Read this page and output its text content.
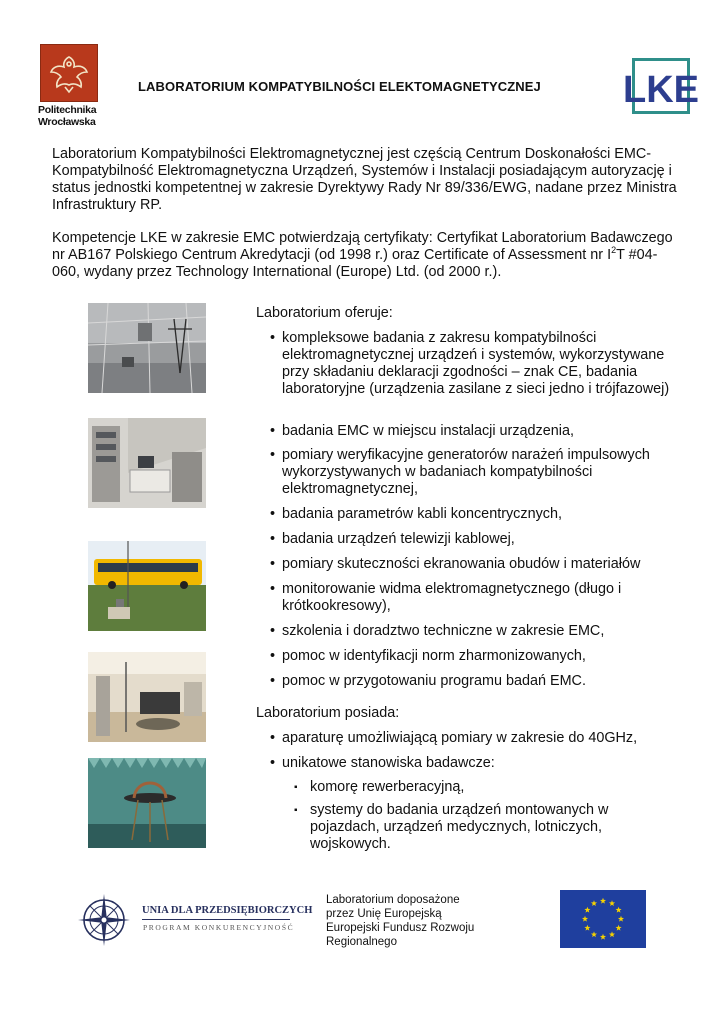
Politechnika
Wrocławska
LABORATORIUM KOMPATYBILNOŚCI ELEKTOMAGNETYCZNEJ LKE
Laboratorium Kompatybilności Elektromagnetycznej jest częścią Centrum Doskonałości EMC- Kompatybilność Elektromagnetyczna Urządzeń, Systemów i Instalacji posiadającym autoryzację i status jednostki kompetentnej w zakresie Dyrektywy Rady Nr 89/336/EWG, nadane przez Ministra Infrastruktury RP.
Kompetencje LKE w zakresie EMC potwierdzają certyfikaty: Certyfikat Laboratorium Badawczego nr AB167 Polskiego Centrum Akredytacji (od 1998 r.) oraz Certificate of Assessment nr $I^2T$ #04-060, wydany przez Technology International (Europe) Ltd. (od 2000 r.).
Laboratorium oferuje:
• kompleksowe badania z zakresu kompatybilności elektromagnetycznej urządzeń i systemów, wykorzystywane przy składaniu deklaracji zgodności – znak CE, badania laboratoryjne (urządzenia zasilane z sieci jedno i trójfazowej)
• badania EMC w miejscu instalacji urządzenia,
• pomiary weryfikacyjne generatorów narażeń impulsowych wykorzystywanych w badaniach kompatybilności elektromagnetycznej,
• badania parametrów kabli koncentrycznych,
• badania urządzeń telewizji kablowej,
• pomiary skuteczności ekranowania obudów i materiałów
• monitorowanie widma elektromagnetycznego (długo i krótkookresowy),
• szkolenia i doradztwo techniczne w zakresie EMC,
• pomoc w identyfikacji norm zharmonizowanych,
• pomoc w przygotowaniu programu badań EMC.
Laboratorium posiada:
• aparaturę umożliwiającą pomiary w zakresie do 40GHz,
• unikatowe stanowiska badawcze:
▪ komorę rewerberacyjną,
▪ systemy do badania urządzeń montowanych w pojazdach, urządzeń medycznych, lotniczych, wojskowych.
UNIA DLA PRZEDSIĘBIORCZYCH
PROGRAM KONKURENCYJNOŚĆ
Laboratorium doposażone
przez Unię Europejską
Europejski Fundusz Rozwoju
Regionalnego
